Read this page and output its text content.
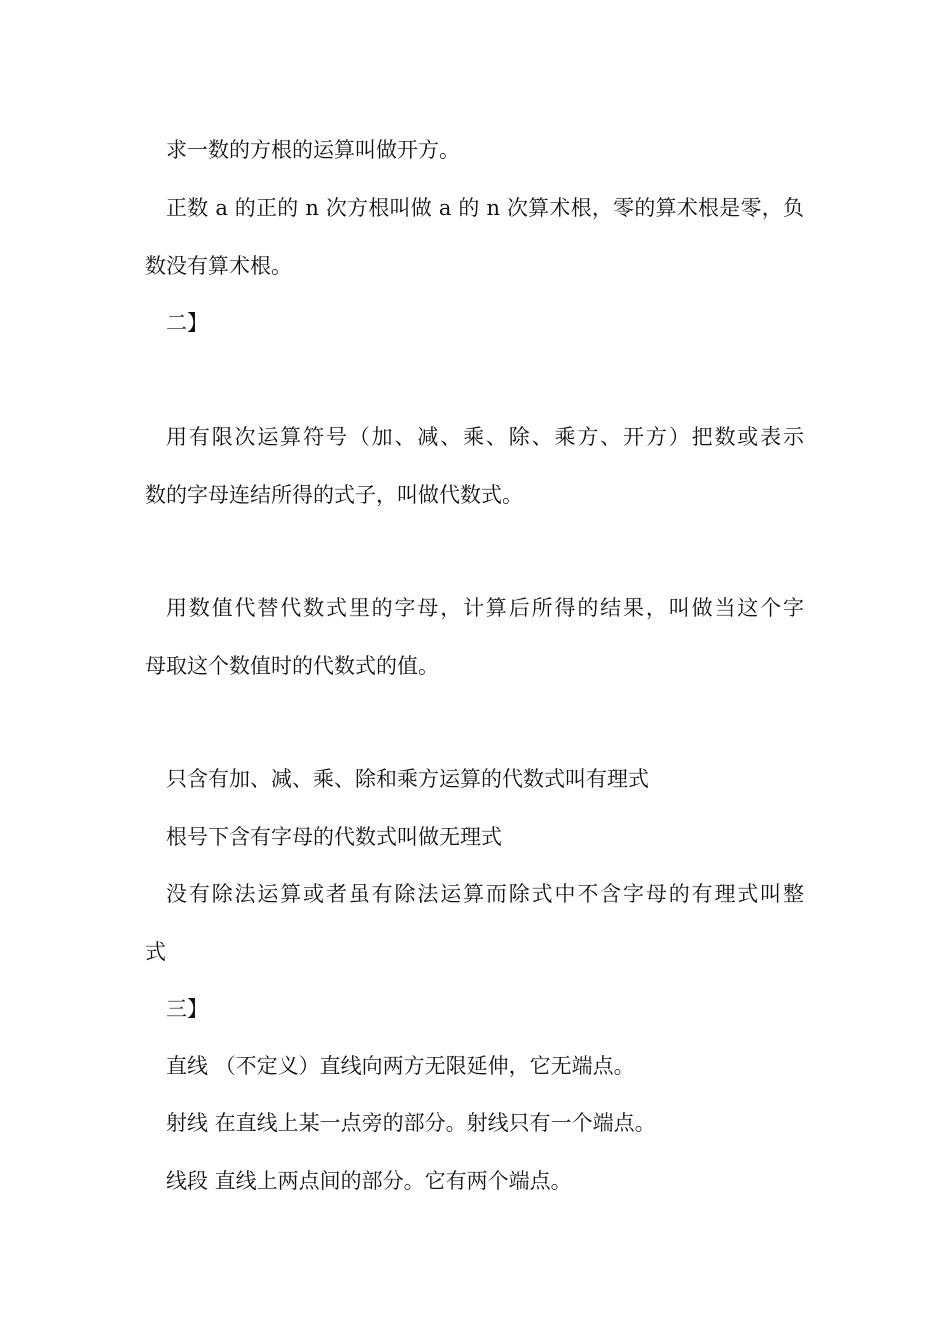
求一数的方根的运算叫做开方。
正数 a 的正的 n 次方根叫做 a 的 n 次算术根，零的算术根是零，负
数没有算术根。
二】
用有限次运算符号（加、减、乘、除、乘方、开方）把数或表示
数的字母连结所得的式子，叫做代数式。
用数值代替代数式里的字母，计算后所得的结果，叫做当这个字
母取这个数值时的代数式的值。
只含有加、减、乘、除和乘方运算的代数式叫有理式
根号下含有字母的代数式叫做无理式
没有除法运算或者虽有除法运算而除式中不含字母的有理式叫整
式
三】
直线 （不定义）直线向两方无限延伸，它无端点。
射线 在直线上某一点旁的部分。射线只有一个端点。
线段 直线上两点间的部分。它有两个端点。
